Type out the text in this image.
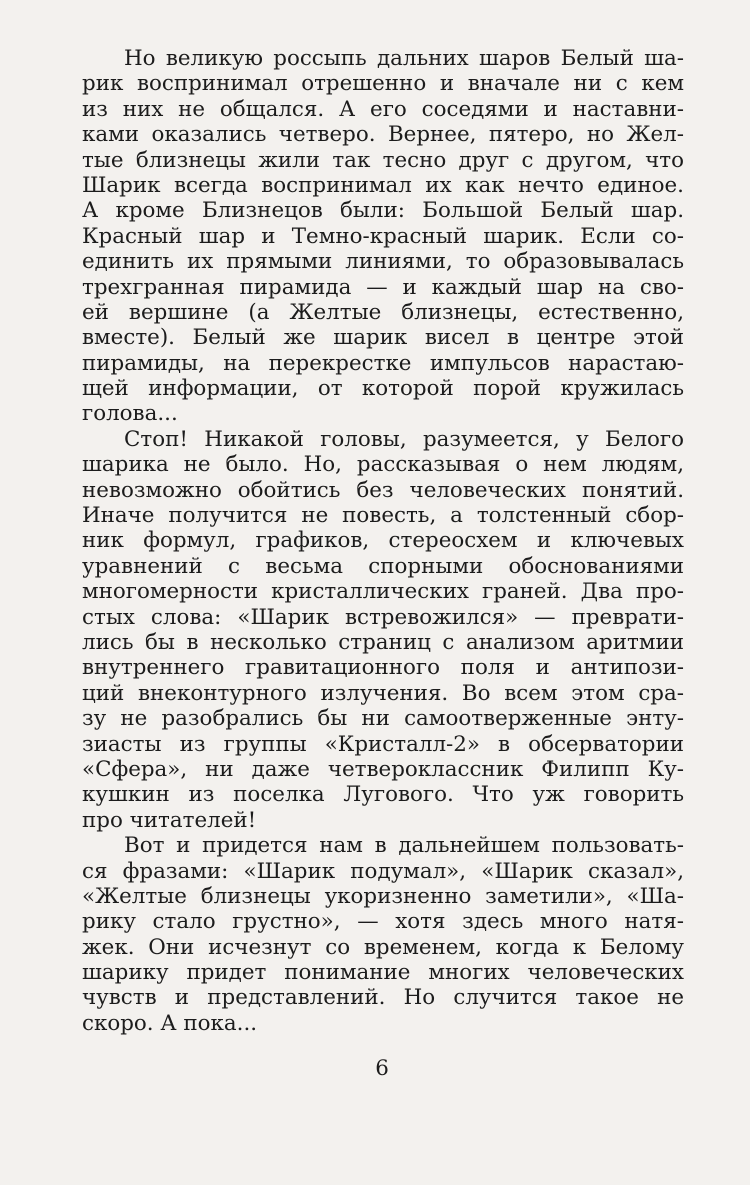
Но великую россыпь дальних шаров Белый ша-
рик воспринимал отрешенно и вначале ни с кем
из них не общался. А его соседями и наставни-
ками оказались четверо. Вернее, пятеро, но Жел-
тые близнецы жили так тесно друг с другом, что
Шарик всегда воспринимал их как нечто единое.
А кроме Близнецов были: Большой Белый шар.
Красный шар и Темно-красный шарик. Если со-
единить их прямыми линиями, то образовывалась
трехгранная пирамида — и каждый шар на сво-
ей вершине (а Желтые близнецы, естественно,
вместе). Белый же шарик висел в центре этой
пирамиды, на перекрестке импульсов нарастаю-
щей информации, от которой порой кружилась
голова...
Стоп! Никакой головы, разумеется, у Белого
шарика не было. Но, рассказывая о нем людям,
невозможно обойтись без человеческих понятий.
Иначе получится не повесть, а толстенный сбор-
ник формул, графиков, стереосхем и ключевых
уравнений с весьма спорными обоснованиями
многомерности кристаллических граней. Два про-
стых слова: «Шарик встревожился» — преврати-
лись бы в несколько страниц с анализом аритмии
внутреннего гравитационного поля и антипози-
ций внеконтурного излучения. Во всем этом сра-
зу не разобрались бы ни самоотверженные энту-
зиасты из группы «Кристалл-2» в обсерватории
«Сфера», ни даже четвероклассник Филипп Ку-
кушкин из поселка Лугового. Что уж говорить
про читателей!
Вот и придется нам в дальнейшем пользовать-
ся фразами: «Шарик подумал», «Шарик сказал»,
«Желтые близнецы укоризненно заметили», «Ша-
рику стало грустно», — хотя здесь много натя-
жек. Они исчезнут со временем, когда к Белому
шарику придет понимание многих человеческих
чувств и представлений. Но случится такое не
скоро. А пока...
6
